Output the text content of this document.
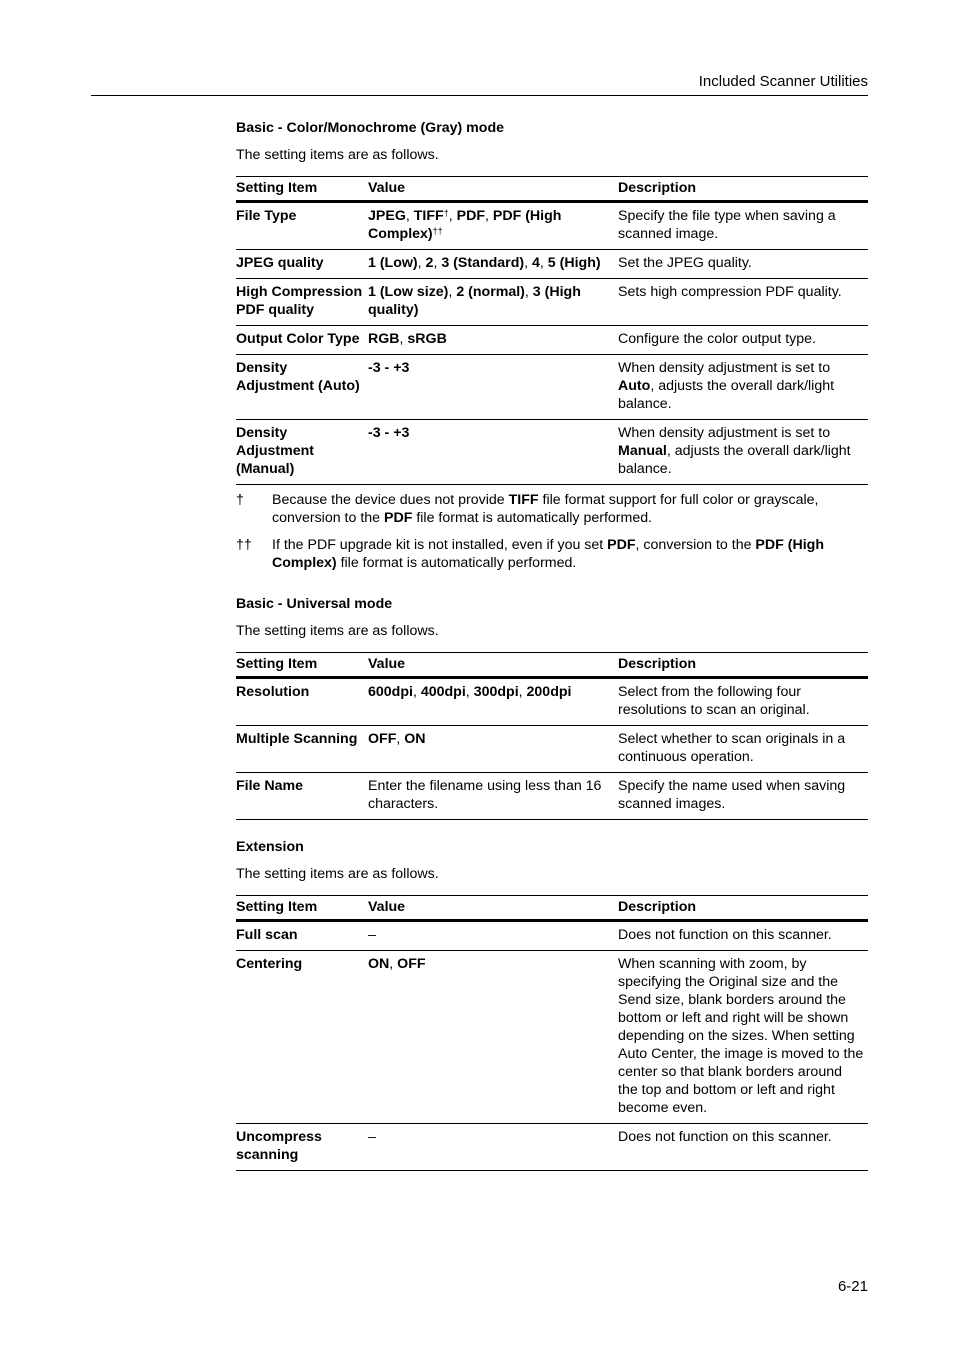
Included Scanner Utilities
Basic - Color/Monochrome (Gray) mode
The setting items are as follows.
Setting Item	Value	Description
File Type	JPEG, TIFF†, PDF, PDF (High Complex)††	Specify the file type when saving a scanned image.
JPEG quality	1 (Low), 2, 3 (Standard), 4, 5 (High)	Set the JPEG quality.
High Compression PDF quality	1 (Low size), 2 (normal), 3 (High quality)	Sets high compression PDF quality.
Output Color Type	RGB, sRGB	Configure the color output type.
Density Adjustment (Auto)	-3 - +3	When density adjustment is set to Auto, adjusts the overall dark/light balance.
Density Adjustment (Manual)	-3 - +3	When density adjustment is set to Manual, adjusts the overall dark/light balance.
†	Because the device dues not provide TIFF file format support for full color or grayscale, conversion to the PDF file format is automatically performed.
††	If the PDF upgrade kit is not installed, even if you set PDF, conversion to the PDF (High Complex) file format is automatically performed.
Basic - Universal mode
The setting items are as follows.
Setting Item	Value	Description
Resolution	600dpi, 400dpi, 300dpi, 200dpi	Select from the following four resolutions to scan an original.
Multiple Scanning	OFF, ON	Select whether to scan originals in a continuous operation.
File Name	Enter the filename using less than 16 characters.	Specify the name used when saving scanned images.
Extension
The setting items are as follows.
Setting Item	Value	Description
Full scan	–	Does not function on this scanner.
Centering	ON, OFF	When scanning with zoom, by specifying the Original size and the Send size, blank borders around the bottom or left and right will be shown depending on the sizes. When setting Auto Center, the image is moved to the center so that blank borders around the top and bottom or left and right become even.
Uncompress scanning	–	Does not function on this scanner.
6-21
